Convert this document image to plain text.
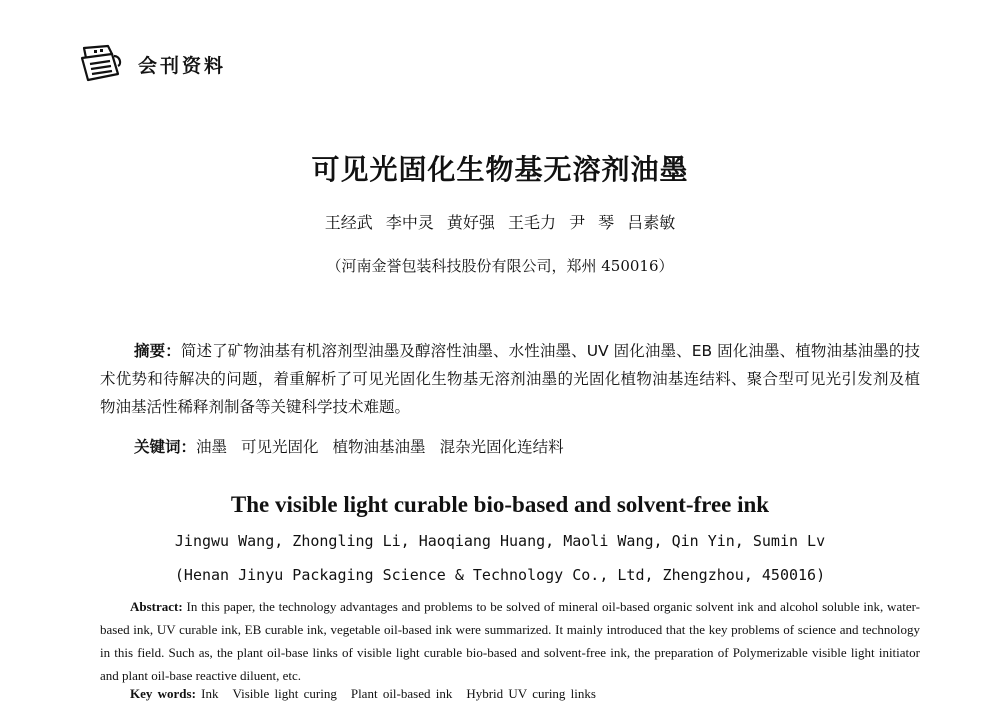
会刊资料
可见光固化生物基无溶剂油墨
王经武 李中灵 黄好强 王毛力 尹 琴 吕素敏
（河南金誉包装科技股份有限公司，郑州 450016）
摘要：简述了矿物油基有机溶剂型油墨及醇溶性油墨、水性油墨、UV 固化油墨、EB 固化油墨、植物油基油墨的技术优势和待解决的问题，着重解析了可见光固化生物基无溶剂油墨的光固化植物油基连结料、聚合型可见光引发剂及植物油基活性稀释剂制备等关键科学技术难题。
关键词：油墨 可见光固化 植物油基油墨 混杂光固化连结料
The visible light curable bio-based and solvent-free ink
Jingwu Wang, Zhongling Li, Haoqiang Huang, Maoli Wang, Qin Yin, Sumin Lv
(Henan Jinyu Packaging Science & Technology Co., Ltd, Zhengzhou, 450016)
Abstract: In this paper, the technology advantages and problems to be solved of mineral oil-based organic solvent ink and alcohol soluble ink, water-based ink, UV curable ink, EB curable ink, vegetable oil-based ink were summarized. It mainly introduced that the key problems of science and technology in this field. Such as, the plant oil-base links of visible light curable bio-based and solvent-free ink, the preparation of Polymerizable visible light initiator and plant oil-base reactive diluent, etc.
Key words: Ink Visible light curing Plant oil-based ink Hybrid UV curing links
